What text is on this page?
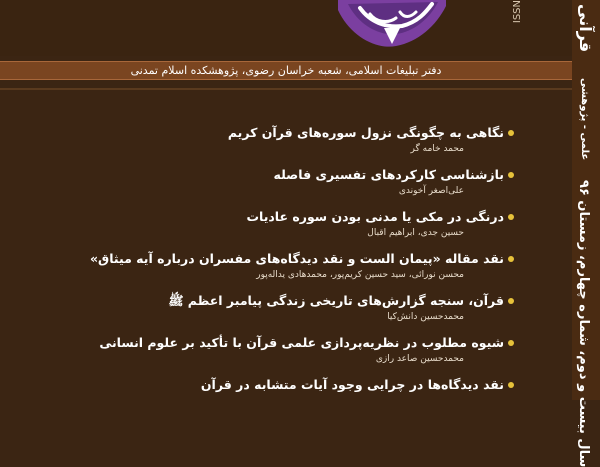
ISSN
دفتر تبلیغات اسلامی، شعبه خراسان رضوی، پژوهشکده اسلام تمدنی
قرآنی
علمی - پژوهشی
سال بیست و دوم، شماره چهارم، زمستان ۹۶
نگاهی به چگونگی نزول سوره‌های قرآن کریم
محمد خامه گر
بازشناسی کارکردهای تفسیری فاصله
علی‌اصغر آخوندی
درنگی در مکی یا مدنی بودن سوره عادیات
حسین جدی، ابراهیم اقبال
نقد مقاله «پیمان الست و نقد دیدگاه‌های مفسران درباره آیه میثاق»
محسن نورائی، سید حسین کریم‌پور، محمدهادی یداله‌پور
قرآن، سنجه گزارش‌های تاریخی زندگی پیامبر اعظم ﷺ
محمدحسین دانش‌کیا
شیوه مطلوب در نظریه‌پردازی علمی قرآن با تأکید بر علوم انسانی
محمدحسین صاعد رازی
نقد دیدگاه‌ها در چرایی وجود آیات متشابه در قرآن
